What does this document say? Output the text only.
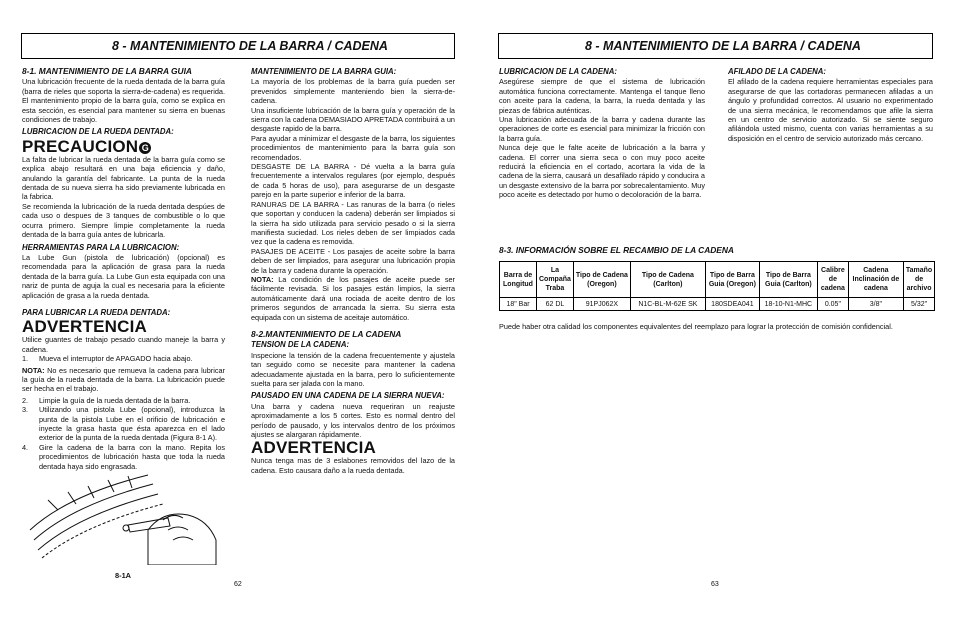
8 - MANTENIMIENTO DE LA BARRA / CADENA
8-1. MANTENIMIENTO DE LA BARRA GUIA

Una lubricación frecuente de la rueda dentada de la barra guía (barra de rieles que soporta la sierra-de-cadena) es requerida. El mantenimiento propio de la barra guía, como se explica en esta sección, es esencial para mantener su sierra en buenas condiciones de trabajo.

LUBRICACION DE LA RUEDA DENTADA:
PRECAUCION G

La falta de lubricar la rueda dentada de la barra guía como se explica abajo resultará en una baja eficiencia y daño, anulando la garantía del fabricante. La punta de la rueda dentada de su nueva sierra ha sido previamente lubricada en la fabrica.

Se recomienda la lubricación de la rueda dentada despúes de cada uso o despues de 3 tanques de combustible o lo que ocurra primero. Siempre limpie completamente la rueda dentada de la barra guía antes de lubricarla.

HERRAMIENTAS PARA LA LUBRICACION:

La Lube Gun (pistola de lubricación) (opcional) es recomendada para la aplicación de grasa para la rueda dentada de la barra guía. La Lube Gun esta equipada con una nariz de punta de aguja la cual es necesaria para la eficiente aplicación de grasa a la rueda dentada.

PARA LUBRICAR LA RUEDA DENTADA:
ADVERTENCIA

Utilice guantes de trabajo pesado cuando maneje la barra y cadena.

1. Mueva el interruptor de APAGADO hacia abajo.

NOTA: No es necesario que remueva la cadena para lubricar la guía de la rueda dentada de la barra. La lubricación puede ser hecha en el trabajo.

2. Limpie la guía de la rueda dentada de la barra.
3. Utilizando una pistola Lube (opcional), introduzca la punta de la pistola Lube en el orificio de lubricación e inyecte la grasa hasta que ésta aparezca en el lado exterior de la punta de la rueda dentada (Figura 8-1 A).
4. Gire la cadena de la barra con la mano. Repita los procedimientos de lubricación hasta que toda la rueda dentada haya sido engrasada.
8-1A
MANTENIMIENTO DE LA BARRA GUIA:

La mayoría de los problemas de la barra guía pueden ser prevenidos simplemente manteniendo bien la sierra-de-cadena.

Una insuficiente lubricación de la barra guía y operación de la sierra con la cadena DEMASIADO APRETADA contribuirá a un desgaste rapido de la barra.

Para ayudar a minimizar el desgaste de la barra, los siguientes procedimientos de mantenimiento para la barra guía son recomendados.

DESGASTE DE LA BARRA - Dé vuelta a la barra guía frecuentemente a intervalos regulares (por ejemplo, después de cada 5 horas de uso), para asegurarse de un desgaste parejo en la parte superior e inferior de la barra.

RANURAS DE LA BARRA - Las ranuras de la barra (o rieles que soportan y conducen la cadena) deberán ser limpiados si la sierra ha sido utilizada para servicio pesado o si la sierra manifiesta suciedad. Los rieles deben de ser limpiados cada vez que la cadena es removida.

PASAJES DE ACEITE - Los pasajes de aceite sobre la barra deben de ser limpiados, para asegurar una lubricación propia de la barra y cadena durante la operación.

NOTA: La condición de los pasajes de aceite puede ser fácilmente revisada. Si los pasajes están limpios, la sierra automáticamente dará una rociada de aceite dentro de los primeros segundos de arrancada la sierra. Su sierra esta equipada con un sistema de aceitaje automático.

8-2.MANTENIMIENTO DE LA CADENA
TENSION DE LA CADENA:

Inspecione la tensión de la cadena frecuentemente y ajustela tan seguido como se necesite para mantener la cadena adecuadamente ajustada en la barra, pero lo suficientemente suelta para ser jalada con la mano.

PAUSADO EN UNA CADENA DE LA SIERRA NUEVA:

Una barra y cadena nueva requeriran un reajuste aproximadamente a los 5 cortes. Esto es normal dentro del período de pausado, y los intervalos dentro de los próximos ajustes se alargaran rápidamente.

ADVERTENCIA

Nunca tenga mas de 3 eslabones removidos del lazo de la cadena. Esto causara daño a la rueda dentada.

62
8 - MANTENIMIENTO DE LA BARRA / CADENA
LUBRICACION DE LA CADENA:

Asegúrese siempre de que el sistema de lubricación automática funciona correctamente. Mantenga el tanque lleno con aceite para la cadena, la barra, la rueda dentada y las piezas de fábrica auténticas.

Una lubricación adecuada de la barra y cadena durante las operaciones de corte es esencial para minimizar la fricción con la barra guía.

Nunca deje que le falte aceite de lubricación a la barra y cadena. El correr una sierra seca o con muy poco aceite reducirá la eficiencia en el cortado, acortara la vida de la cadena de la sierra, causará un desafilado rápido y conducira a un desgaste extensivo de la barra por sobrecalentamiento. Muy poco aceite es detectado por humo o decoloración de la barra.

AFILADO DE LA CADENA:

El afilado de la cadena requiere herramientas especiales para asegurarse de que las cortadoras permanecen afiladas a un ángulo y profundidad correctos. Al usuario no experimentado de una sierra mecánica, le recomendamos que afile la sierra en un centro de servicio autorizado. Si se siente seguro afilándola usted mismo, cuenta con varias herramientas a su disposición en el centro de servicio autorizado más cercano.

8-3. INFORMACIÓN SOBRE EL RECAMBIO DE LA CADENA
Barra de Longitud	La Compaña Traba	Tipo de Cadena (Oregon)	Tipo de Cadena (Carlton)	Tipo de Barra Guia (Oregon)	Tipo de Barra Guia (Carlton)	Calibre de cadena	Cadena Inclinación de cadena	Tamaño de archivo
18" Bar	62 DL	91PJ062X	N1C-BL-M-62E SK	180SDEA041	18-10-N1-MHC	0.05"	3/8"	5/32"
Puede haber otra calidad los componentes equivalentes del reemplazo para lograr la protección de comisión confidencial.
63
